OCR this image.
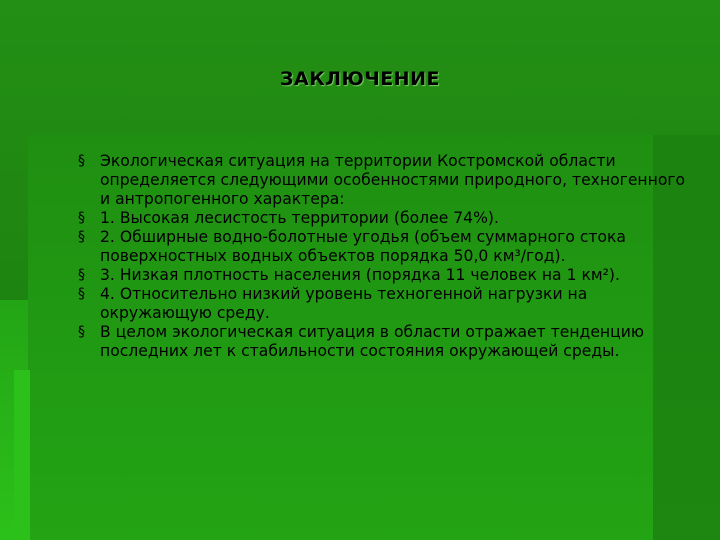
ЗАКЛЮЧЕНИЕ
§ Экологическая ситуация на территории Костромской области определяется следующими особенностями природного, техногенного и антропогенного характера:
§ 1. Высокая лесистость территории (более 74%).
§ 2. Обширные водно-болотные угодья (объем суммарного стока поверхностных водных объектов порядка 50,0 км³/год).
§ 3. Низкая плотность населения (порядка 11 человек на 1 км²).
§ 4. Относительно низкий уровень техногенной нагрузки на окружающую среду.
§ В целом экологическая ситуация в области отражает тенденцию последних лет к стабильности состояния окружающей среды.
